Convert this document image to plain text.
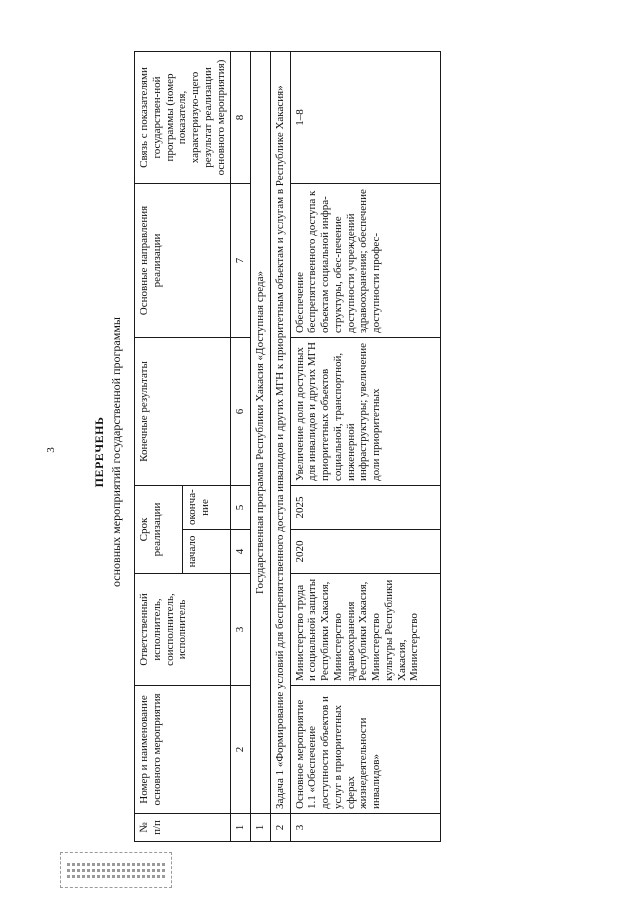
3	ПЕРЕЧЕНЬ основных мероприятий государственной программы
№ п/п	Номер и наименование основного мероприятия	Ответственный исполнитель, соисполнитель, исполнитель	Срок реализации		Конечные результаты	Основные направления реализации	Связь с показателями государствен-ной программы (номер показателя, характеризую-щего результат реализации основного мероприятия)
			начало	оконча-ние			
1	2	3	4	5	6	7	8
1	Государственная программа Республики Хакасия «Доступная среда»						
2	Задача 1 «Формирование условий для беспрепятственного доступа инвалидов и других МГН к приоритетным объектам и услугам в Республике Хакасия»						
3	Основное мероприятие 1.1 «Обеспечение доступности объектов и услуг в приоритетных сферах жизнедеятельности инвалидов»	Министерство труда и социальной защиты Республики Хакасия, Министерство здравоохранения Республики Хакасия, Министерство культуры Республики Хакасия, Министерство	2020	2025	Увеличение доли доступных для инвалидов и других МГН приоритетных объектов социальной, транспортной, инженерной инфраструктуры; увеличение доли приоритетных	Обеспечение беспрепятственного доступа к объектам социальной инфра-структуры, обес-печение доступности учреждений здравоохранения; обеспечение доступности профес-	1–8
